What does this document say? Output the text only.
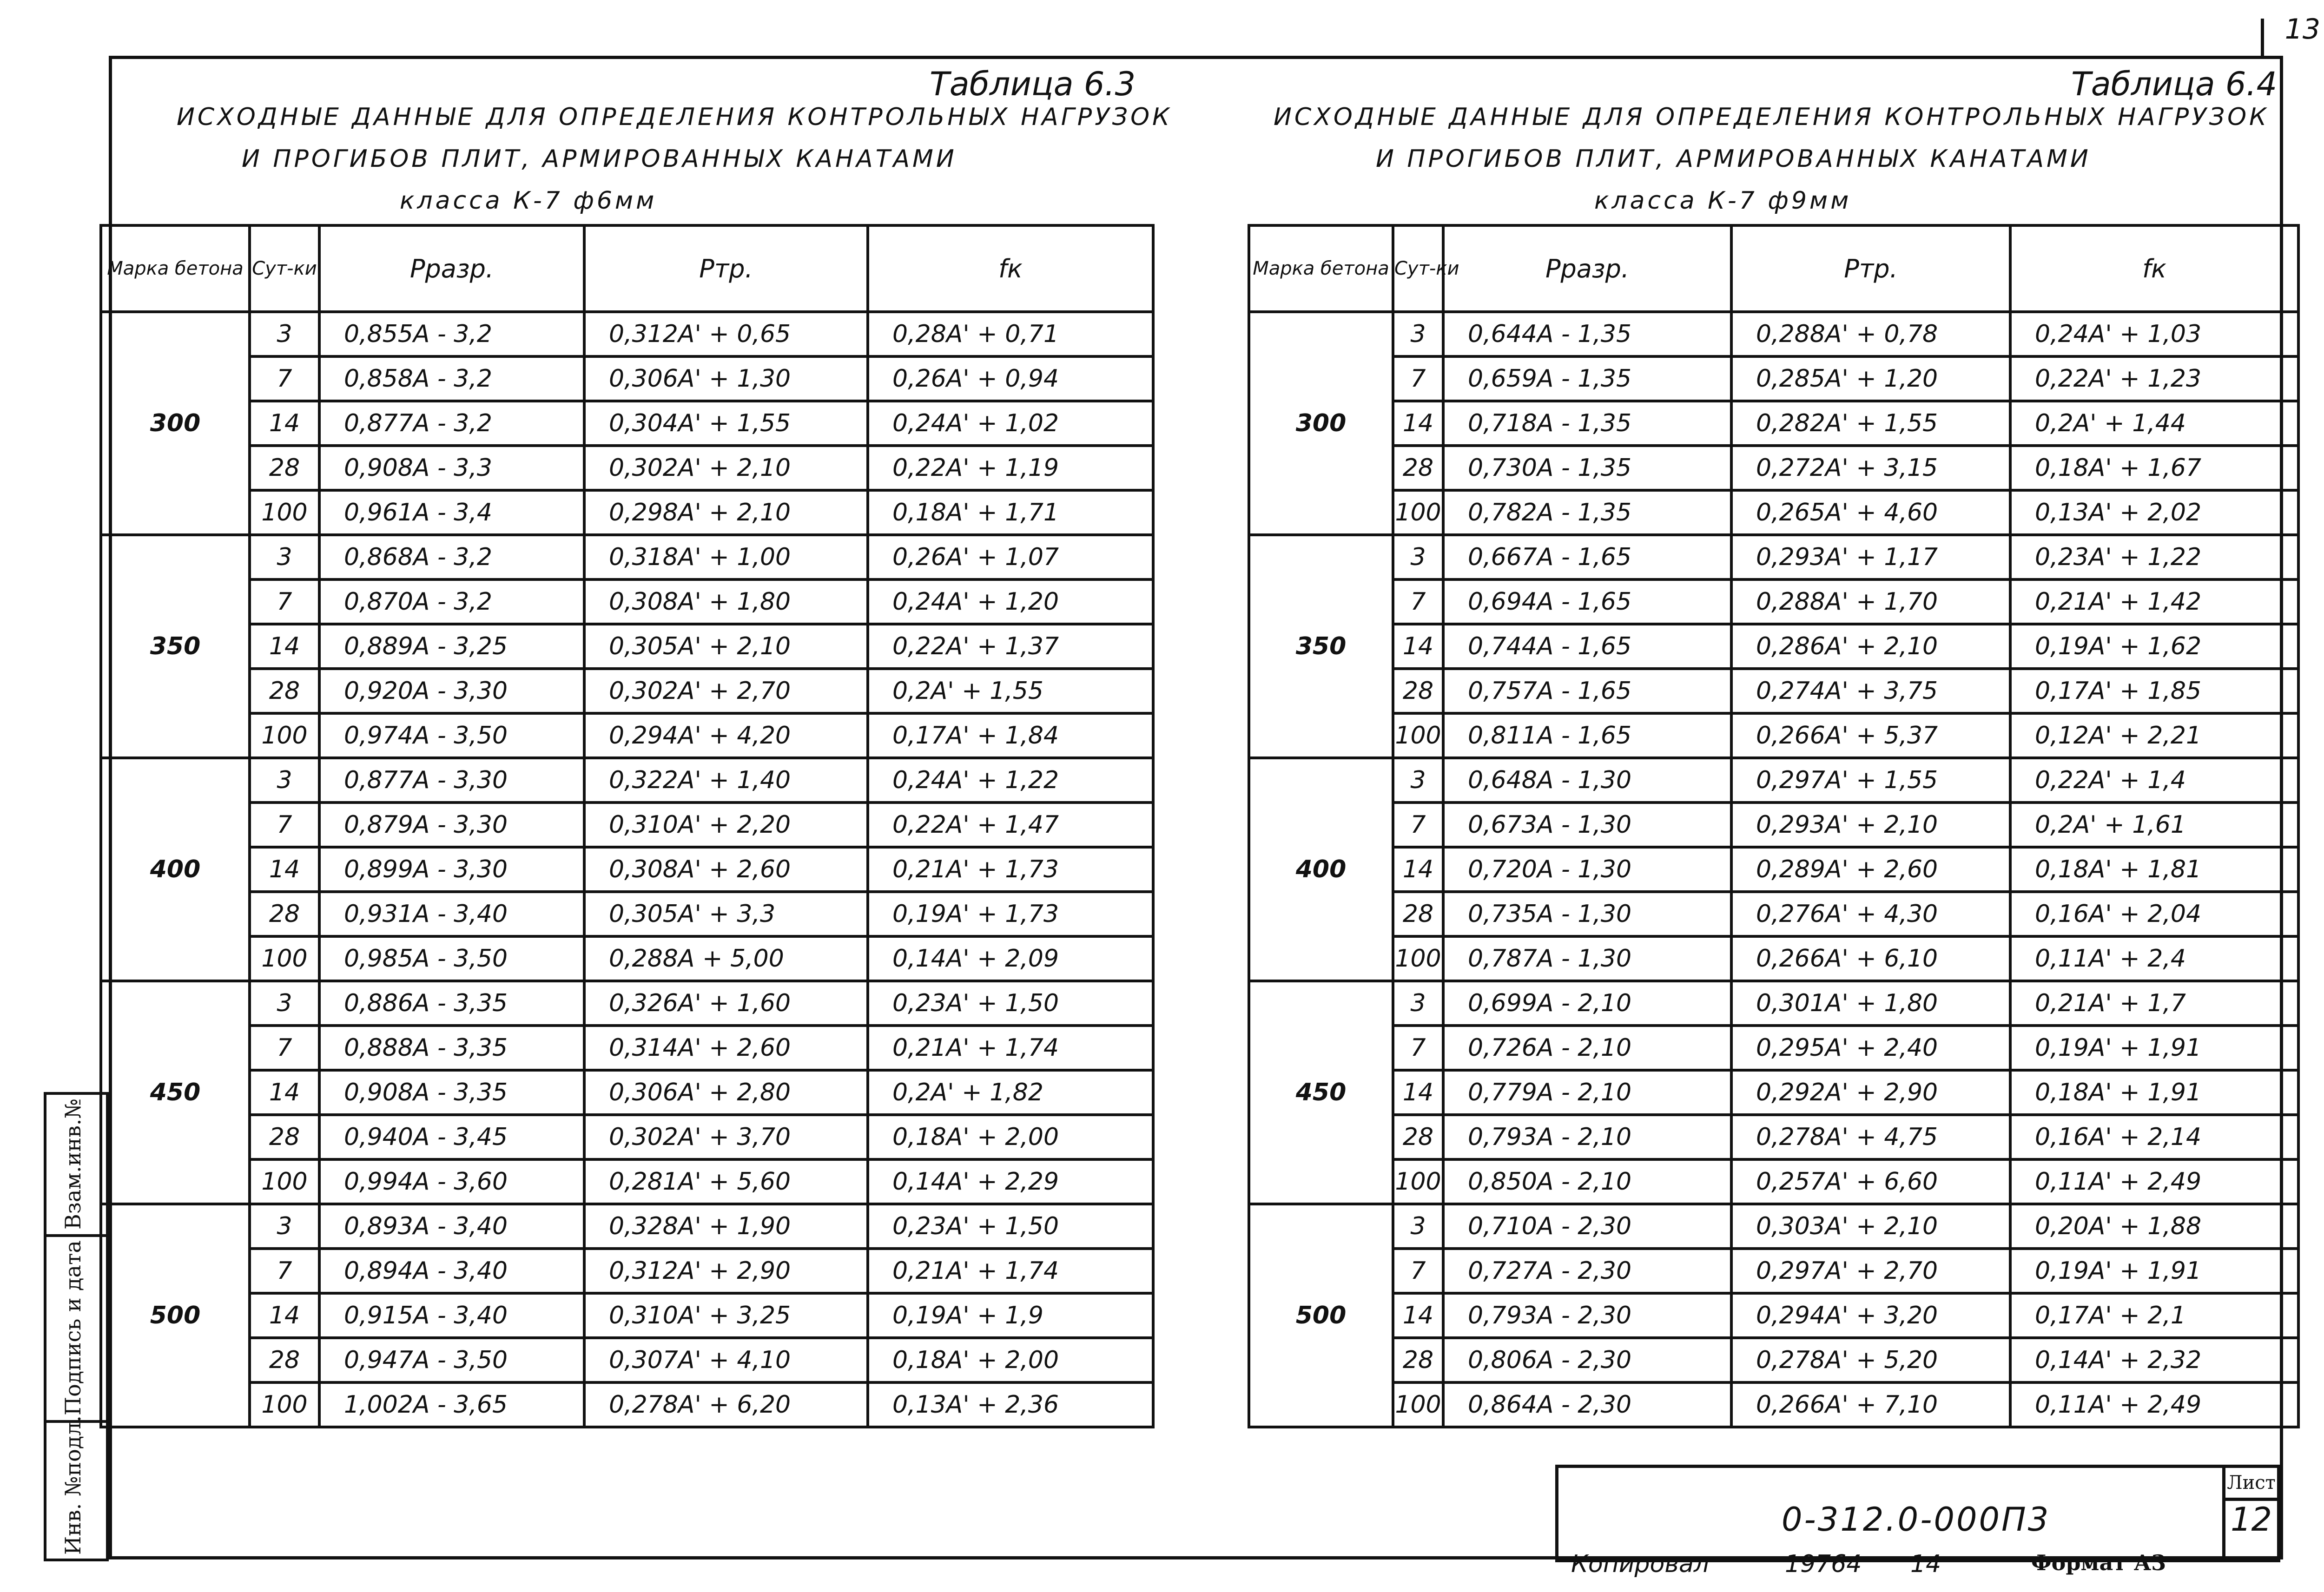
13
Инв. №подл.
Подпись и дата
Взам.инв.№
Таблица 6.3
ИСХОДНЫЕ ДАННЫЕ ДЛЯ ОПРЕДЕЛЕНИЯ КОНТРОЛЬНЫХ НАГРУЗОК
И ПРОГИБОВ ПЛИТ, АРМИРОВАННЫХ КАНАТАМИ
класса К-7 ф6мм
Марка бетона	Сут-ки	Pразр.	Pтр.	fк
300	3	0,855A - 3,2	0,312A' + 0,65	0,28A' + 0,71
	7	0,858A - 3,2	0,306A' + 1,30	0,26A' + 0,94
	14	0,877A - 3,2	0,304A' + 1,55	0,24A' + 1,02
	28	0,908A - 3,3	0,302A' + 2,10	0,22A' + 1,19
	100	0,961A - 3,4	0,298A' + 2,10	0,18A' + 1,71
350	3	0,868A - 3,2	0,318A' + 1,00	0,26A' + 1,07
	7	0,870A - 3,2	0,308A' + 1,80	0,24A' + 1,20
	14	0,889A - 3,25	0,305A' + 2,10	0,22A' + 1,37
	28	0,920A - 3,30	0,302A' + 2,70	0,2A' + 1,55
	100	0,974A - 3,50	0,294A' + 4,20	0,17A' + 1,84
400	3	0,877A - 3,30	0,322A' + 1,40	0,24A' + 1,22
	7	0,879A - 3,30	0,310A' + 2,20	0,22A' + 1,47
	14	0,899A - 3,30	0,308A' + 2,60	0,21A' + 1,73
	28	0,931A - 3,40	0,305A' + 3,3	0,19A' + 1,73
	100	0,985A - 3,50	0,288A + 5,00	0,14A' + 2,09
450	3	0,886A - 3,35	0,326A' + 1,60	0,23A' + 1,50
	7	0,888A - 3,35	0,314A' + 2,60	0,21A' + 1,74
	14	0,908A - 3,35	0,306A' + 2,80	0,2A' + 1,82
	28	0,940A - 3,45	0,302A' + 3,70	0,18A' + 2,00
	100	0,994A - 3,60	0,281A' + 5,60	0,14A' + 2,29
500	3	0,893A - 3,40	0,328A' + 1,90	0,23A' + 1,50
	7	0,894A - 3,40	0,312A' + 2,90	0,21A' + 1,74
	14	0,915A - 3,40	0,310A' + 3,25	0,19A' + 1,9
	28	0,947A - 3,50	0,307A' + 4,10	0,18A' + 2,00
	100	1,002A - 3,65	0,278A' + 6,20	0,13A' + 2,36
Таблица 6.4
ИСХОДНЫЕ ДАННЫЕ ДЛЯ ОПРЕДЕЛЕНИЯ КОНТРОЛЬНЫХ НАГРУЗОК
И ПРОГИБОВ ПЛИТ, АРМИРОВАННЫХ КАНАТАМИ
класса К-7 ф9мм
Марка бетона	Сут-ки	Pразр.	Pтр.	fк
300	3	0,644A - 1,35	0,288A' + 0,78	0,24A' + 1,03
	7	0,659A - 1,35	0,285A' + 1,20	0,22A' + 1,23
	14	0,718A - 1,35	0,282A' + 1,55	0,2A' + 1,44
	28	0,730A - 1,35	0,272A' + 3,15	0,18A' + 1,67
	100	0,782A - 1,35	0,265A' + 4,60	0,13A' + 2,02
350	3	0,667A - 1,65	0,293A' + 1,17	0,23A' + 1,22
	7	0,694A - 1,65	0,288A' + 1,70	0,21A' + 1,42
	14	0,744A - 1,65	0,286A' + 2,10	0,19A' + 1,62
	28	0,757A - 1,65	0,274A' + 3,75	0,17A' + 1,85
	100	0,811A - 1,65	0,266A' + 5,37	0,12A' + 2,21
400	3	0,648A - 1,30	0,297A' + 1,55	0,22A' + 1,4
	7	0,673A - 1,30	0,293A' + 2,10	0,2A' + 1,61
	14	0,720A - 1,30	0,289A' + 2,60	0,18A' + 1,81
	28	0,735A - 1,30	0,276A' + 4,30	0,16A' + 2,04
	100	0,787A - 1,30	0,266A' + 6,10	0,11A' + 2,4
450	3	0,699A - 2,10	0,301A' + 1,80	0,21A' + 1,7
	7	0,726A - 2,10	0,295A' + 2,40	0,19A' + 1,91
	14	0,779A - 2,10	0,292A' + 2,90	0,18A' + 1,91
	28	0,793A - 2,10	0,278A' + 4,75	0,16A' + 2,14
	100	0,850A - 2,10	0,257A' + 6,60	0,11A' + 2,49
500	3	0,710A - 2,30	0,303A' + 2,10	0,20A' + 1,88
	7	0,727A - 2,30	0,297A' + 2,70	0,19A' + 1,91
	14	0,793A - 2,30	0,294A' + 3,20	0,17A' + 2,1
	28	0,806A - 2,30	0,278A' + 5,20	0,14A' + 2,32
	100	0,864A - 2,30	0,266A' + 7,10	0,11A' + 2,49
0-312.0-000П3
Лист
12
Копировал	19764 14	Формат А3
